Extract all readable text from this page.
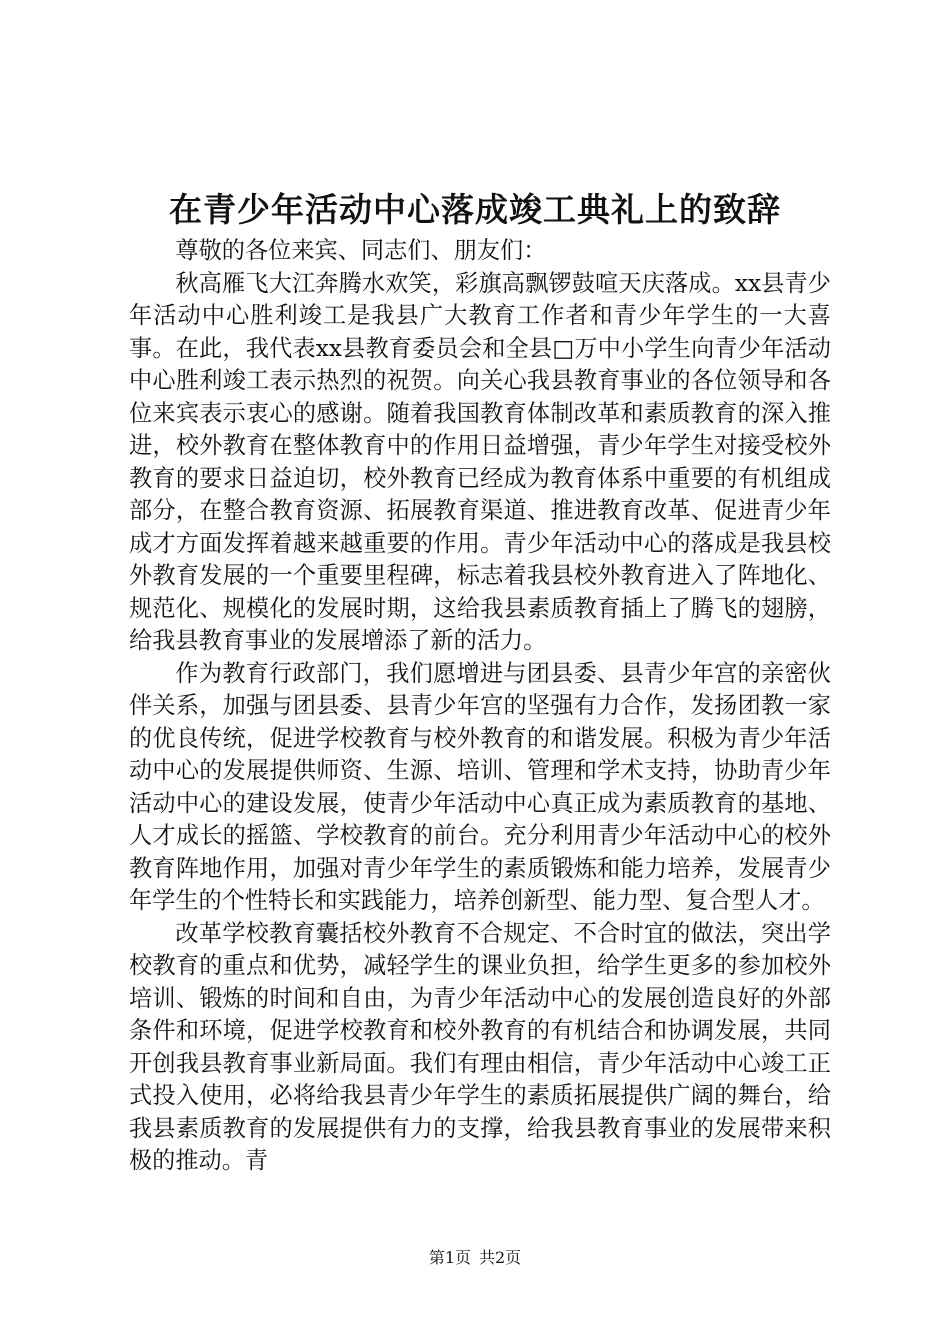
在青少年活动中心落成竣工典礼上的致辞

尊敬的各位来宾、同志们、朋友们：

秋高雁飞大江奔腾水欢笑，彩旗高飘锣鼓喧天庆落成。xx县青少年活动中心胜利竣工是我县广大教育工作者和青少年学生的一大喜事。在此，我代表xx县教育委员会和全县□万中小学生向青少年活动中心胜利竣工表示热烈的祝贺。向关心我县教育事业的各位领导和各位来宾表示衷心的感谢。随着我国教育体制改革和素质教育的深入推进，校外教育在整体教育中的作用日益增强，青少年学生对接受校外教育的要求日益迫切，校外教育已经成为教育体系中重要的有机组成部分，在整合教育资源、拓展教育渠道、推进教育改革、促进青少年成才方面发挥着越来越重要的作用。青少年活动中心的落成是我县校外教育发展的一个重要里程碑，标志着我县校外教育进入了阵地化、规范化、规模化的发展时期，这给我县素质教育插上了腾飞的翅膀，给我县教育事业的发展增添了新的活力。

作为教育行政部门，我们愿增进与团县委、县青少年宫的亲密伙伴关系，加强与团县委、县青少年宫的坚强有力合作，发扬团教一家的优良传统，促进学校教育与校外教育的和谐发展。积极为青少年活动中心的发展提供师资、生源、培训、管理和学术支持，协助青少年活动中心的建设发展，使青少年活动中心真正成为素质教育的基地、人才成长的摇篮、学校教育的前台。充分利用青少年活动中心的校外教育阵地作用，加强对青少年学生的素质锻炼和能力培养，发展青少年学生的个性特长和实践能力，培养创新型、能力型、复合型人才。

改革学校教育囊括校外教育不合规定、不合时宜的做法，突出学校教育的重点和优势，减轻学生的课业负担，给学生更多的参加校外培训、锻炼的时间和自由，为青少年活动中心的发展创造良好的外部条件和环境，促进学校教育和校外教育的有机结合和协调发展，共同开创我县教育事业新局面。我们有理由相信，青少年活动中心竣工正式投入使用，必将给我县青少年学生的素质拓展提供广阔的舞台，给我县素质教育的发展提供有力的支撑，给我县教育事业的发展带来积极的推动。青

第1页 共2页
